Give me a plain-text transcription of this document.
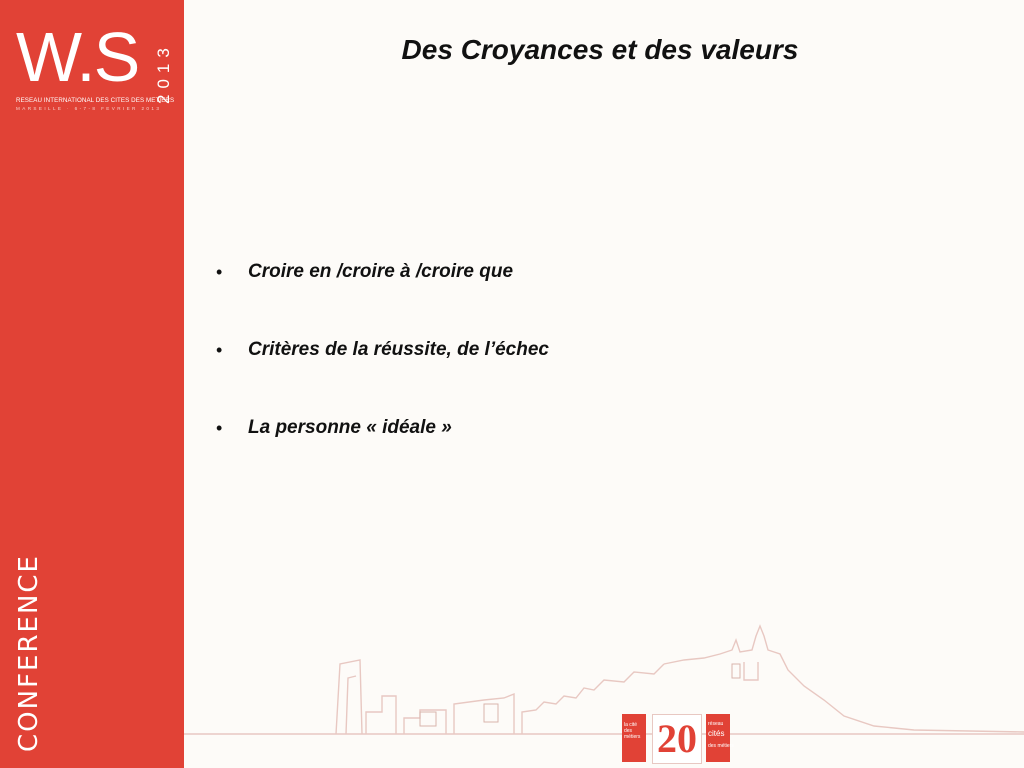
W.S 2013
RESEAU INTERNATIONAL DES CITES DES METIERS
MARSEILLE · 6-7-8 FEVRIER 2013
CONFERENCE
Des Croyances et des valeurs
• Croire en /croire à /croire que
• Critères de la réussite, de l’échec
• La personne « idéale »
la cité des métiers 20 réseau
cités
des métiers
